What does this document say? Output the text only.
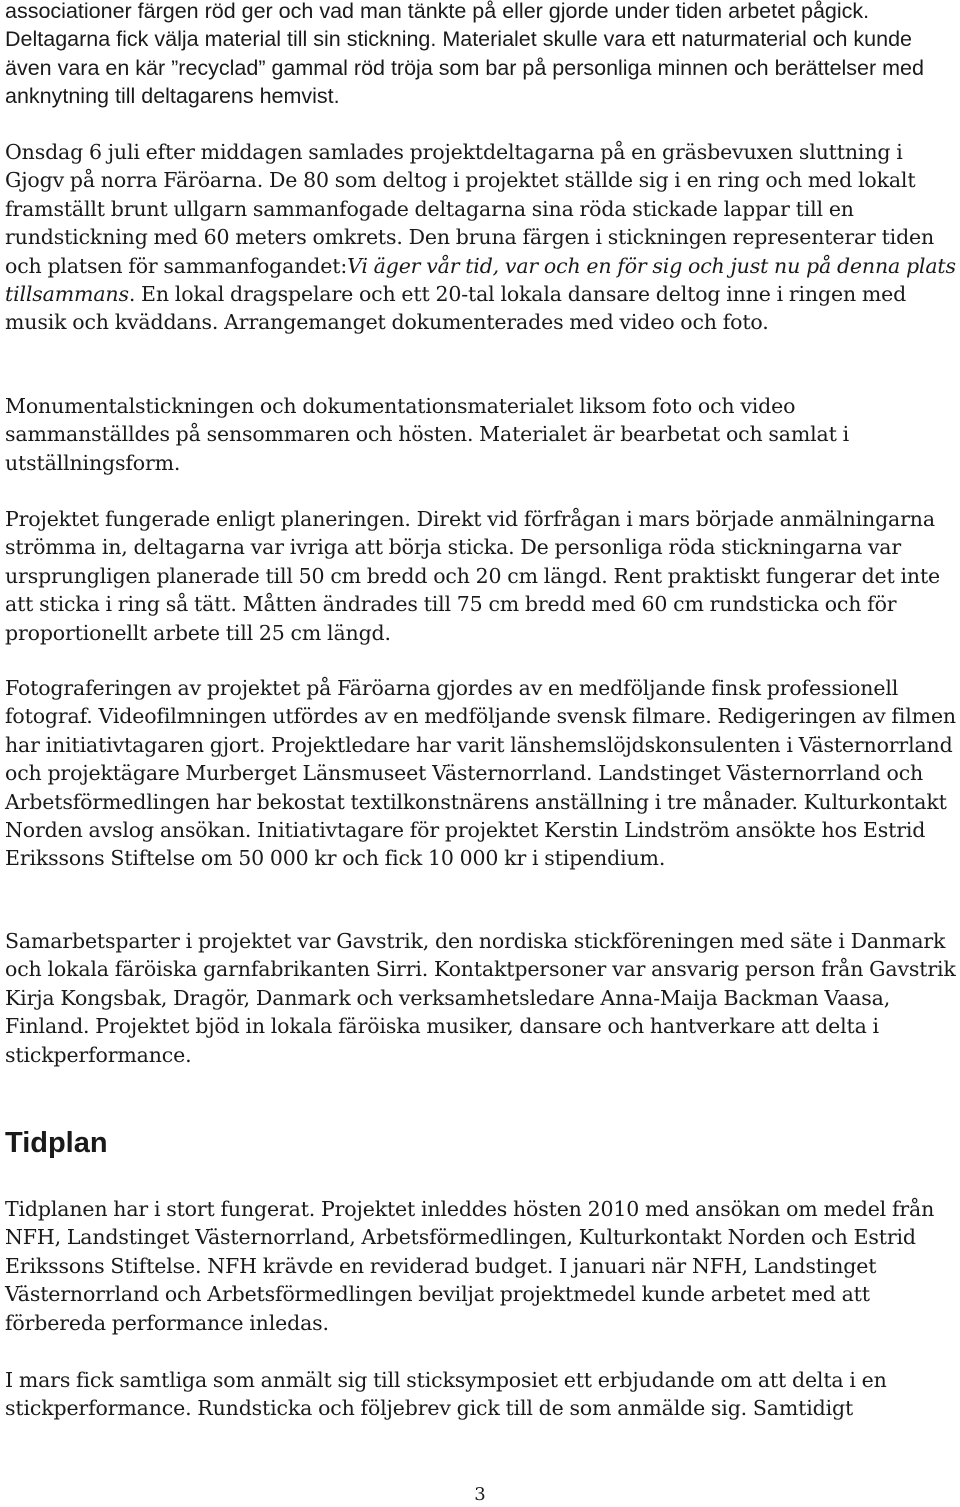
associationer färgen röd ger och vad man tänkte på eller gjorde under tiden arbetet pågick. Deltagarna fick välja material till sin stickning. Materialet skulle vara ett naturmaterial och kunde även vara en kär ”recyclad” gammal röd tröja som bar på personliga minnen och berättelser med anknytning till deltagarens hemvist.

Onsdag 6 juli efter middagen samlades projektdeltagarna på en gräsbevuxen sluttning i Gjogv på norra Färöarna. De 80 som deltog i projektet ställde sig i en ring och med lokalt framställt brunt ullgarn sammanfogade deltagarna sina röda stickade lappar till en rundstickning med 60 meters omkrets. Den bruna färgen i stickningen representerar tiden och platsen för sammanfogandet:Vi äger vår tid, var och en för sig och just nu på denna plats tillsammans. En lokal dragspelare och ett 20-tal lokala dansare deltog inne i ringen med musik och kväddans. Arrangemanget dokumenterades med video och foto.

Monumentalstickningen och dokumentationsmaterialet liksom foto och video sammanställdes på sensommaren och hösten. Materialet är bearbetat och samlat i utställningsform.

Projektet fungerade enligt planeringen. Direkt vid förfrågan i mars började anmälningarna strömma in, deltagarna var ivriga att börja sticka. De personliga röda stickningarna var ursprungligen planerade till 50 cm bredd och 20 cm längd. Rent praktiskt fungerar det inte att sticka i ring så tätt. Måtten ändrades till 75 cm bredd med 60 cm rundsticka och för proportionellt arbete till 25 cm längd.

Fotograferingen av projektet på Färöarna gjordes av en medföljande finsk professionell fotograf. Videofilmningen utfördes av en medföljande svensk filmare. Redigeringen av filmen har initiativtagaren gjort. Projektledare har varit länshemslöjdskonsulenten i Västernorrland och projektägare Murberget Länsmuseet Västernorrland. Landstinget Västernorrland och Arbetsförmedlingen har bekostat textilkonstnärens anställning i tre månader. Kulturkontakt Norden avslog ansökan. Initiativtagare för projektet Kerstin Lindström ansökte hos Estrid Erikssons Stiftelse om 50 000 kr och fick 10 000 kr i stipendium.

Samarbetsparter i projektet var Gavstrik, den nordiska stickföreningen med säte i Danmark och lokala färöiska garnfabrikanten Sirri. Kontaktpersoner var ansvarig person från Gavstrik Kirja Kongsbak, Dragör, Danmark och verksamhetsledare Anna-Maija Backman Vaasa, Finland. Projektet bjöd in lokala färöiska musiker, dansare och hantverkare att delta i stickperformance.

Tidplan

Tidplanen har i stort fungerat. Projektet inleddes hösten 2010 med ansökan om medel från NFH, Landstinget Västernorrland, Arbetsförmedlingen, Kulturkontakt Norden och Estrid Erikssons Stiftelse. NFH krävde en reviderad budget. I januari när NFH, Landstinget Västernorrland och Arbetsförmedlingen beviljat projektmedel kunde arbetet med att förbereda performance inledas.

I mars fick samtliga som anmält sig till sticksymposiet ett erbjudande om att delta i en stickperformance. Rundsticka och följebrev gick till de som anmälde sig. Samtidigt

3
